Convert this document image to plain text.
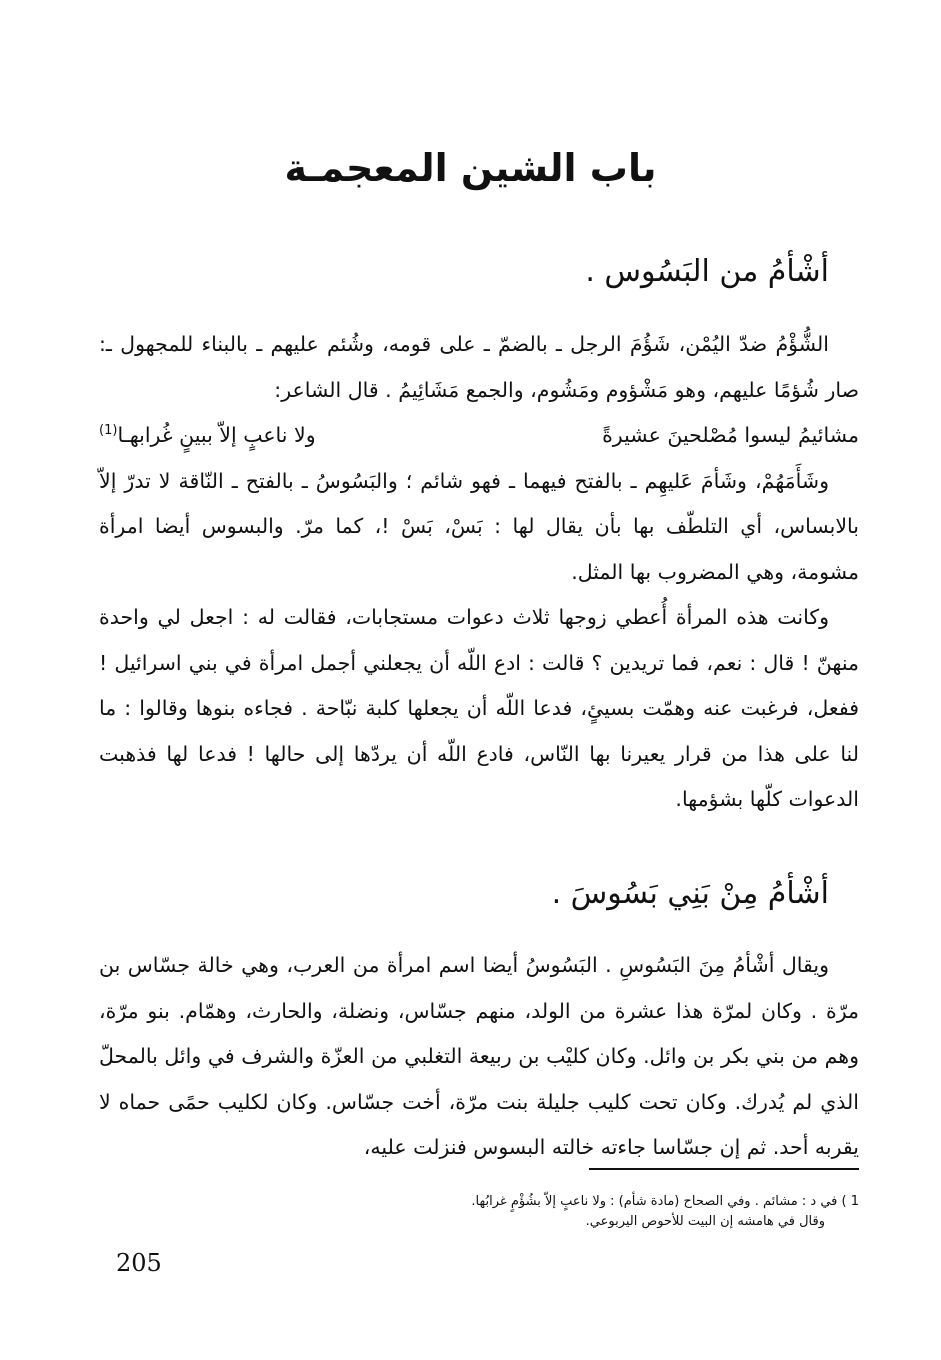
باب الشين المعجمـة
أشْأمُ من البَسُوس .

الشُّؤْمُ ضدّ اليُمْن، شَؤُمَ الرجل ـ بالضمّ ـ على قومه، وشُئم عليهم ـ بالبناء للمجهول ـ: صار شُؤمًا عليهم، وهو مَشْؤوم ومَشُوم، والجمع مَشَائِيمُ . قال الشاعر:

مشائيمُ ليسوا مُصْلحينَ عشيرةً
ولا ناعبٍ إلاّ ببينٍ غُرابهـا$^{(1)}$

وشَأَمَهُمْ، وشَأمَ عَليهِم ـ بالفتح فيهما ـ فهو شائم ؛ والبَسُوسُ ـ بالفتح ـ النّاقة لا تدرّ إلاّ بالابساس، أي التلطّف بها بأن يقال لها : بَسْ، بَسْ !، كما مرّ. والبسوس أيضا امرأة مشومة، وهي المضروب بها المثل.

وكانت هذه المرأة أُعطي زوجها ثلاث دعوات مستجابات، فقالت له : اجعل لي واحدة منهنّ ! قال : نعم، فما تريدين ؟ قالت : ادع اللّه أن يجعلني أجمل امرأة في بني اسرائيل ! ففعل، فرغبت عنه وهمّت بسيئٍ، فدعا اللّه أن يجعلها كلبة نبّاحة . فجاءه بنوها وقالوا : ما لنا على هذا من قرار يعيرنا بها النّاس، فادع اللّه أن يردّها إلى حالها ! فدعا لها فذهبت الدعوات كلّها بشؤمها.

أشْأمُ مِنْ بَنِي بَسُوسَ .

ويقال أشْأمُ مِنَ البَسُوسِ . البَسُوسُ أيضا اسم امرأة من العرب، وهي خالة جسّاس بن مرّة . وكان لمرّة هذا عشرة من الولد، منهم جسّاس، ونضلة، والحارث، وهمّام. بنو مرّة، وهم من بني بكر بن وائل. وكان كليْب بن ربيعة التغلبي من العزّة والشرف في وائل بالمحلّ الذي لم يُدرك. وكان تحت كليب جليلة بنت مرّة، أخت جسّاس. وكان لكليب حمًى حماه لا يقربه أحد. ثم إن جسّاسا جاءته خالته البسوس فنزلت عليه،

1 ) في د : مشائم . وفي الصحاح (مادة شأم) : ولا ناعبٍ إلاّ بشُؤْمٍ غرابُها.

وقال في هامشه إن البيت للأحوص اليربوعي.

205
